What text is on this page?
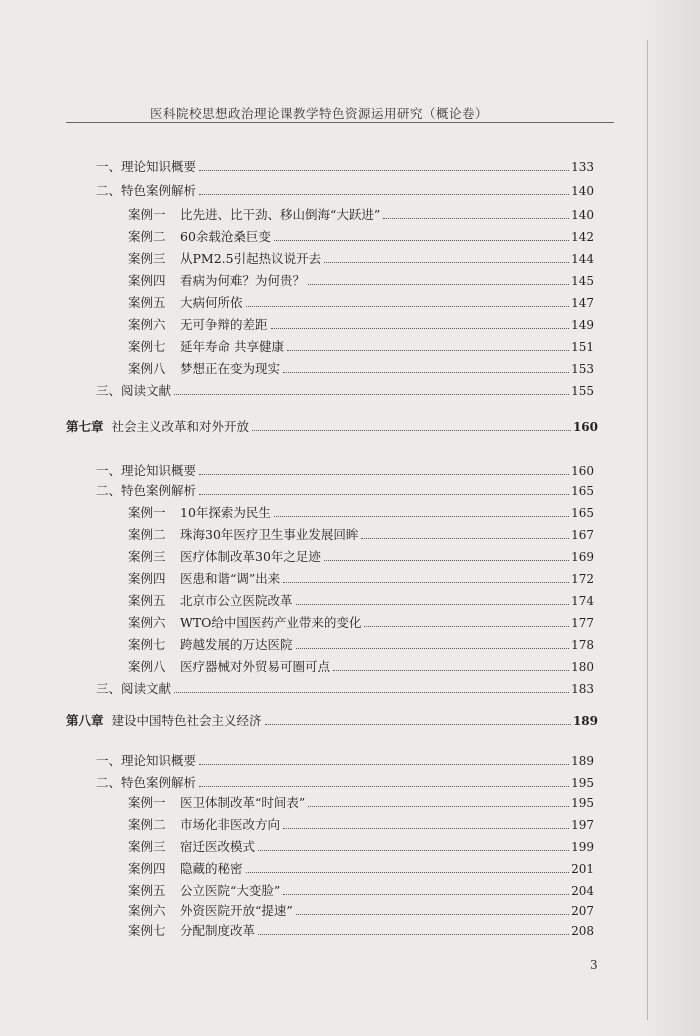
医科院校思想政治理论课教学特色资源运用研究（概论卷）
一、理论知识概要	133
二、特色案例解析	140
案例一 比先进、比干劲、移山倒海“大跃进”	140
案例二 60余载沧桑巨变	142
案例三 从PM2.5引起热议说开去	144
案例四 看病为何难？为何贵？	145
案例五 大病何所依	147
案例六 无可争辩的差距	149
案例七 延年寿命 共享健康	151
案例八 梦想正在变为现实	153
三、阅读文献	155
第七章 社会主义改革和对外开放	160
一、理论知识概要	160
二、特色案例解析	165
案例一 10年探索为民生	165
案例二 珠海30年医疗卫生事业发展回眸	167
案例三 医疗体制改革30年之足迹	169
案例四 医患和谐“调”出来	172
案例五 北京市公立医院改革	174
案例六 WTO给中国医药产业带来的变化	177
案例七 跨越发展的万达医院	178
案例八 医疗器械对外贸易可圈可点	180
三、阅读文献	183
第八章 建设中国特色社会主义经济	189
一、理论知识概要	189
二、特色案例解析	195
案例一 医卫体制改革“时间表”	195
案例二 市场化非医改方向	197
案例三 宿迁医改模式	199
案例四 隐藏的秘密	201
案例五 公立医院“大变脸”	204
案例六 外资医院开放“提速”	207
案例七 分配制度改革	208
3
